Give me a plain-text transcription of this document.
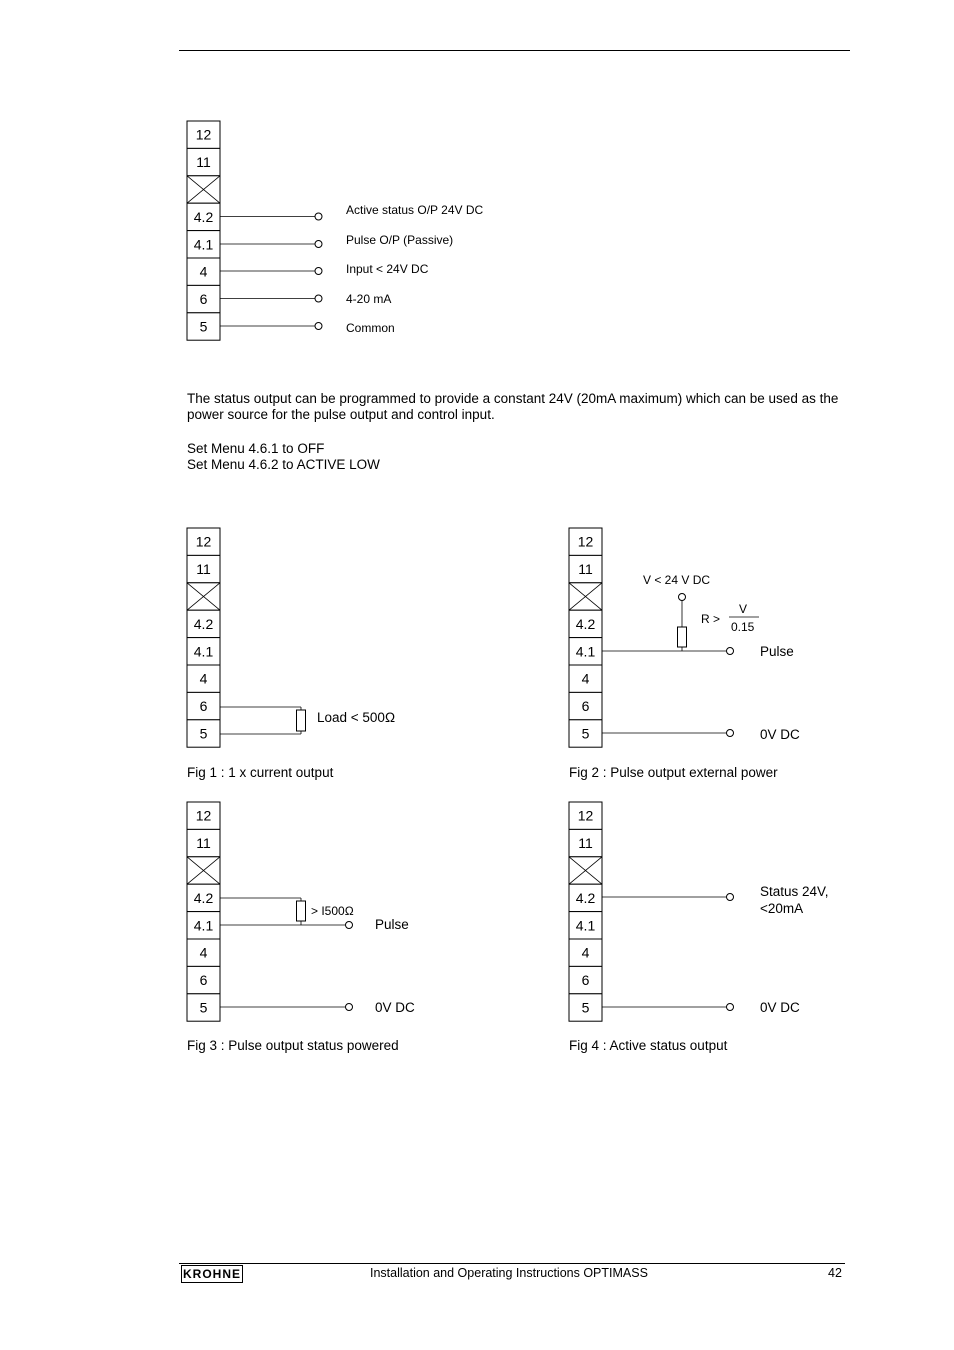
12
11
4.2
4.1
4
6
5
Active status O/P 24V DC
Pulse O/P (Passive)
Input < 24V DC
4-20 mA
Common
The status output can be programmed to provide a constant 24V (20mA maximum) which can be used as the power source for the pulse output and control input.
Set Menu 4.6.1 to OFF
Set Menu 4.6.2 to ACTIVE LOW
12
11
4.2
4.1
4
6
5
12
11
4.2
4.1
4
6
5
12
11
4.2
4.1
4
6
5
12
11
4.2
4.1
4
6
5
Load < 500Ω
Fig 1 : 1 x current output
V < 24 V DC
R >
V
0.15
Pulse
0V DC
Fig 2 : Pulse output external power
> I500Ω
Pulse
0V DC
Fig 3 : Pulse output status powered
Status 24V,
<20mA
0V DC
Fig 4 : Active status output
KROHNE	Installation and Operating Instructions OPTIMASS	42
